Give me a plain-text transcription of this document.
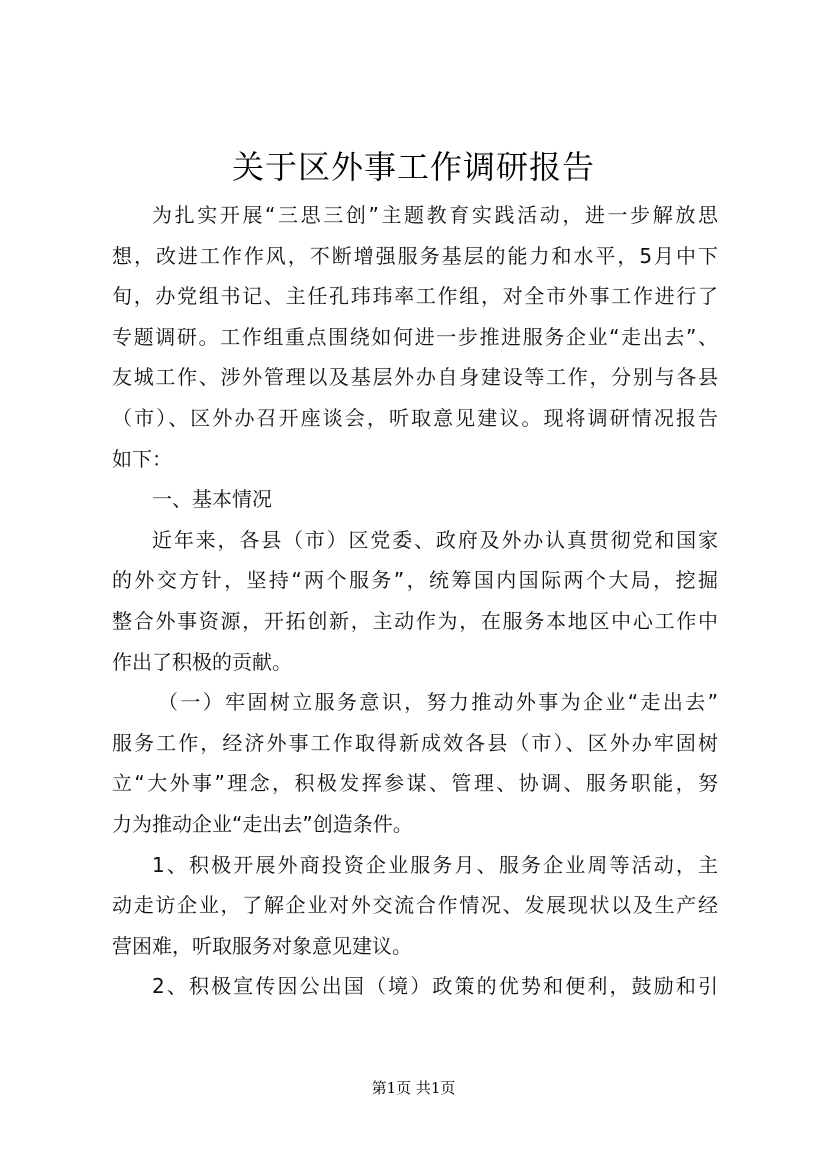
关于区外事工作调研报告
为扎实开展“三思三创”主题教育实践活动，进一步解放思
想，改进工作作风，不断增强服务基层的能力和水平，5月中下
旬，办党组书记、主任孔玮玮率工作组，对全市外事工作进行了
专题调研。工作组重点围绕如何进一步推进服务企业“走出去”、
友城工作、涉外管理以及基层外办自身建设等工作，分别与各县
（市）、区外办召开座谈会，听取意见建议。现将调研情况报告
如下：
一、基本情况
近年来，各县（市）区党委、政府及外办认真贯彻党和国家
的外交方针，坚持“两个服务”，统筹国内国际两个大局，挖掘
整合外事资源，开拓创新，主动作为，在服务本地区中心工作中
作出了积极的贡献。
（一）牢固树立服务意识，努力推动外事为企业“走出去”
服务工作，经济外事工作取得新成效各县（市）、区外办牢固树
立“大外事”理念，积极发挥参谋、管理、协调、服务职能，努
力为推动企业“走出去”创造条件。
1、积极开展外商投资企业服务月、服务企业周等活动，主
动走访企业，了解企业对外交流合作情况、发展现状以及生产经
营困难，听取服务对象意见建议。
2、积极宣传因公出国（境）政策的优势和便利，鼓励和引
第1页 共1页
